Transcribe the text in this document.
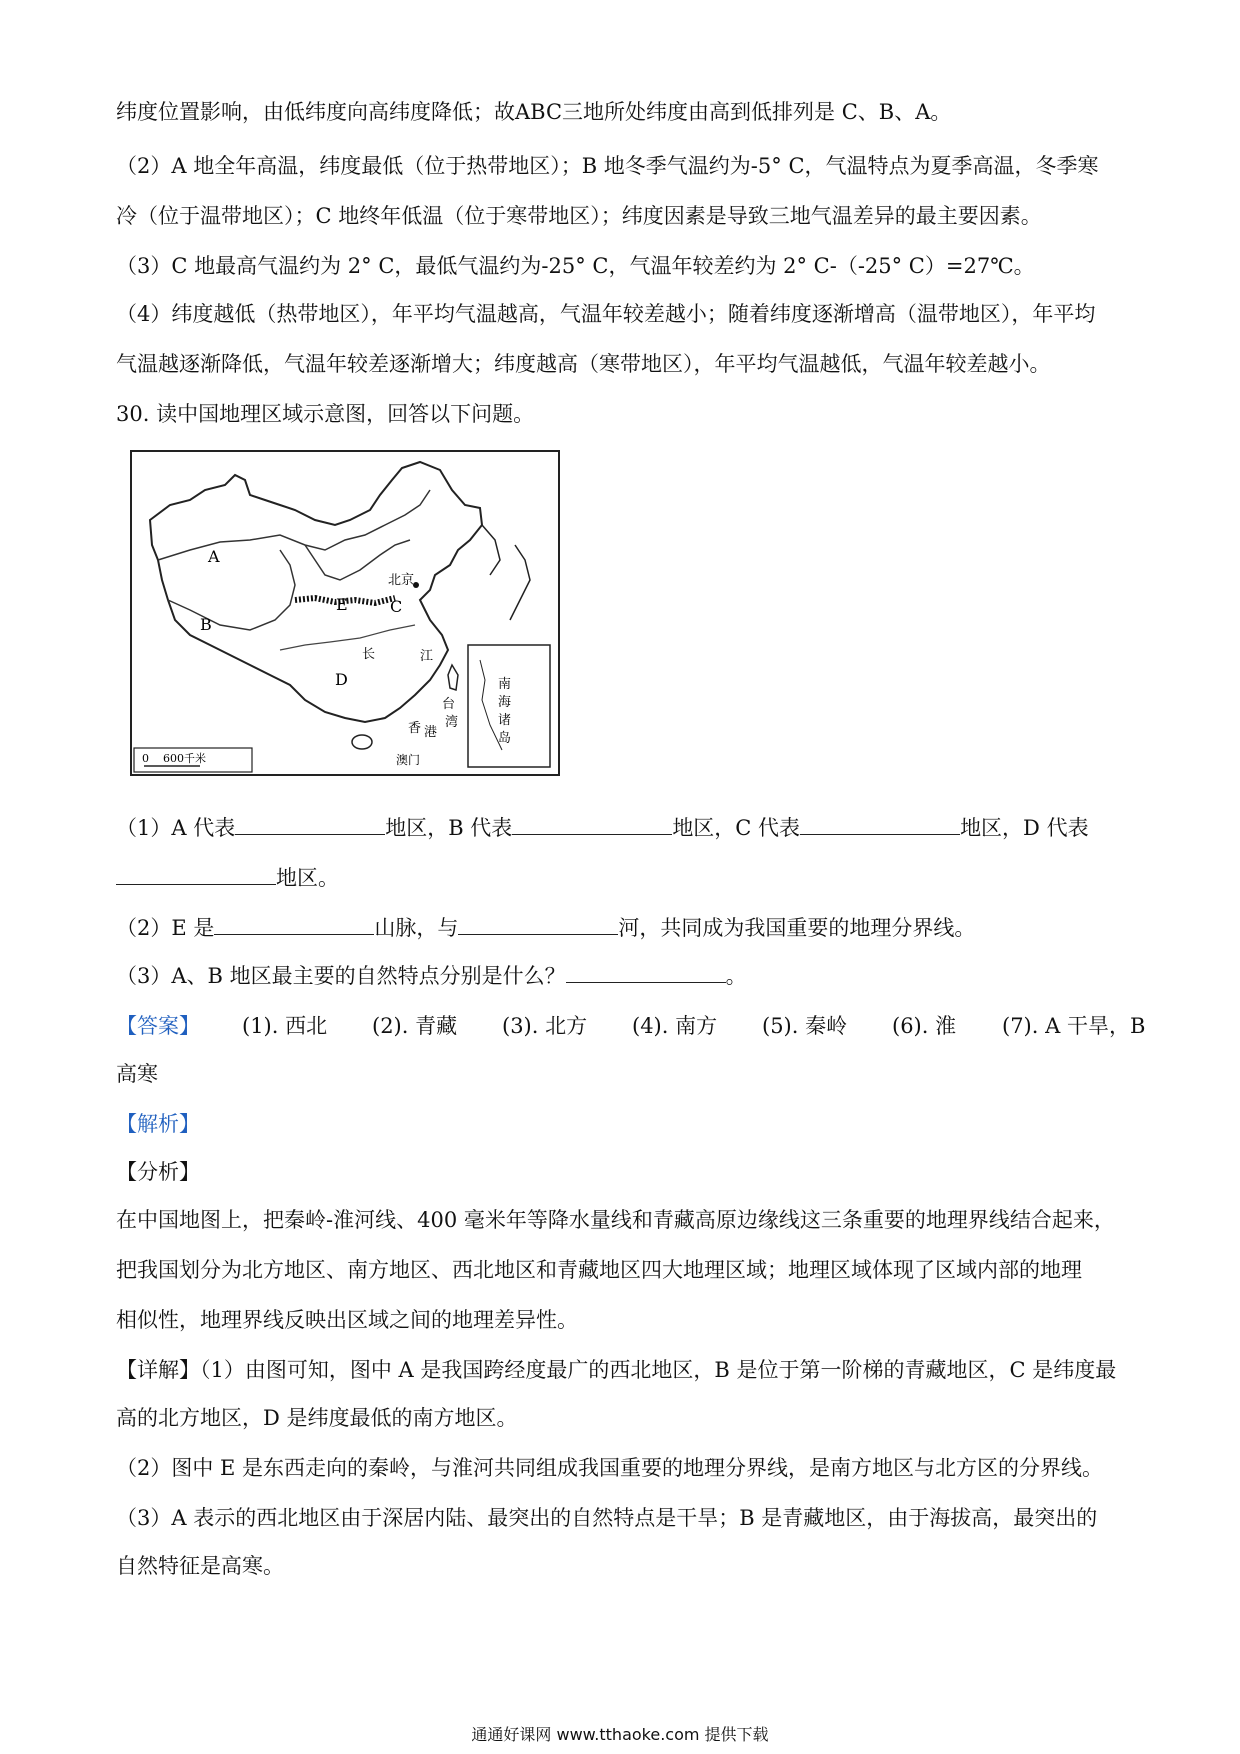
纬度位置影响，由低纬度向高纬度降低；故ABC三地所处纬度由高到低排列是 C、B、A。
（2）A 地全年高温，纬度最低（位于热带地区）；B 地冬季气温约为-5° C，气温特点为夏季高温，冬季寒
冷（位于温带地区）；C 地终年低温（位于寒带地区）；纬度因素是导致三地气温差异的最主要因素。
（3）C 地最高气温约为 2° C，最低气温约为-25° C，气温年较差约为 2° C-（-25° C）=27℃。
（4）纬度越低（热带地区），年平均气温越高，气温年较差越小；随着纬度逐渐增高（温带地区），年平均
气温越逐渐降低，气温年较差逐渐增大；纬度越高（寒带地区），年平均气温越低，气温年较差越小。
30. 读中国地理区域示意图，回答以下问题。
A
B
C
E
D
北京
长	江
台
湾
香 港
澳门
南
海
诸
岛
0    600千米
（1）A 代表	地区，B 代表	地区，C 代表	地区，D 代表
地区。
（2）E 是	山脉，与	河，共同成为我国重要的地理分界线。
（3）A、B 地区最主要的自然特点分别是什么？	。
【答案】 (1). 西北 (2). 青藏 (3). 北方 (4). 南方 (5). 秦岭 (6). 淮 (7). A 干旱，B
高寒
【解析】
【分析】
在中国地图上，把秦岭-淮河线、400 毫米年等降水量线和青藏高原边缘线这三条重要的地理界线结合起来，
把我国划分为北方地区、南方地区、西北地区和青藏地区四大地理区域；地理区域体现了区域内部的地理
相似性，地理界线反映出区域之间的地理差异性。
【详解】（1）由图可知，图中 A 是我国跨经度最广的西北地区，B 是位于第一阶梯的青藏地区，C 是纬度最
高的北方地区，D 是纬度最低的南方地区。
（2）图中 E 是东西走向的秦岭，与淮河共同组成我国重要的地理分界线，是南方地区与北方区的分界线。
（3）A 表示的西北地区由于深居内陆、最突出的自然特点是干旱；B 是青藏地区，由于海拔高，最突出的
自然特征是高寒。
通通好课网 www.tthaoke.com 提供下载
